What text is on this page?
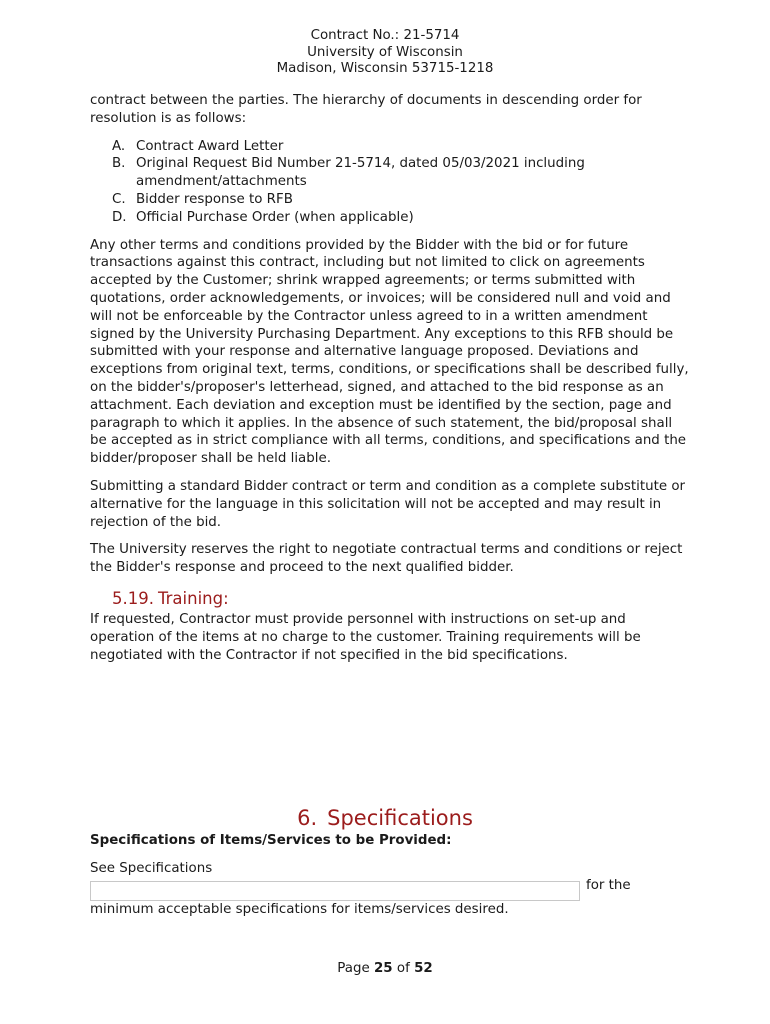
Contract No.: 21-5714
University of Wisconsin
Madison, Wisconsin 53715-1218

contract between the parties. The hierarchy of documents in descending order for resolution is as follows:

A. Contract Award Letter
B. Original Request Bid Number 21-5714, dated 05/03/2021 including amendment/attachments
C. Bidder response to RFB
D. Official Purchase Order (when applicable)

Any other terms and conditions provided by the Bidder with the bid or for future transactions against this contract, including but not limited to click on agreements accepted by the Customer; shrink wrapped agreements; or terms submitted with quotations, order acknowledgements, or invoices; will be considered null and void and will not be enforceable by the Contractor unless agreed to in a written amendment signed by the University Purchasing Department. Any exceptions to this RFB should be submitted with your response and alternative language proposed. Deviations and exceptions from original text, terms, conditions, or specifications shall be described fully, on the bidder's/proposer's letterhead, signed, and attached to the bid response as an attachment. Each deviation and exception must be identified by the section, page and paragraph to which it applies. In the absence of such statement, the bid/proposal shall be accepted as in strict compliance with all terms, conditions, and specifications and the bidder/proposer shall be held liable.

Submitting a standard Bidder contract or term and condition as a complete substitute or alternative for the language in this solicitation will not be accepted and may result in rejection of the bid.

The University reserves the right to negotiate contractual terms and conditions or reject the Bidder's response and proceed to the next qualified bidder.

5.19. Training:

If requested, Contractor must provide personnel with instructions on set-up and operation of the items at no charge to the customer. Training requirements will be negotiated with the Contractor if not specified in the bid specifications.

6. Specifications
Specifications of Items/Services to be Provided:

See Specifications

for the

minimum acceptable specifications for items/services desired.

Page 25 of 52
